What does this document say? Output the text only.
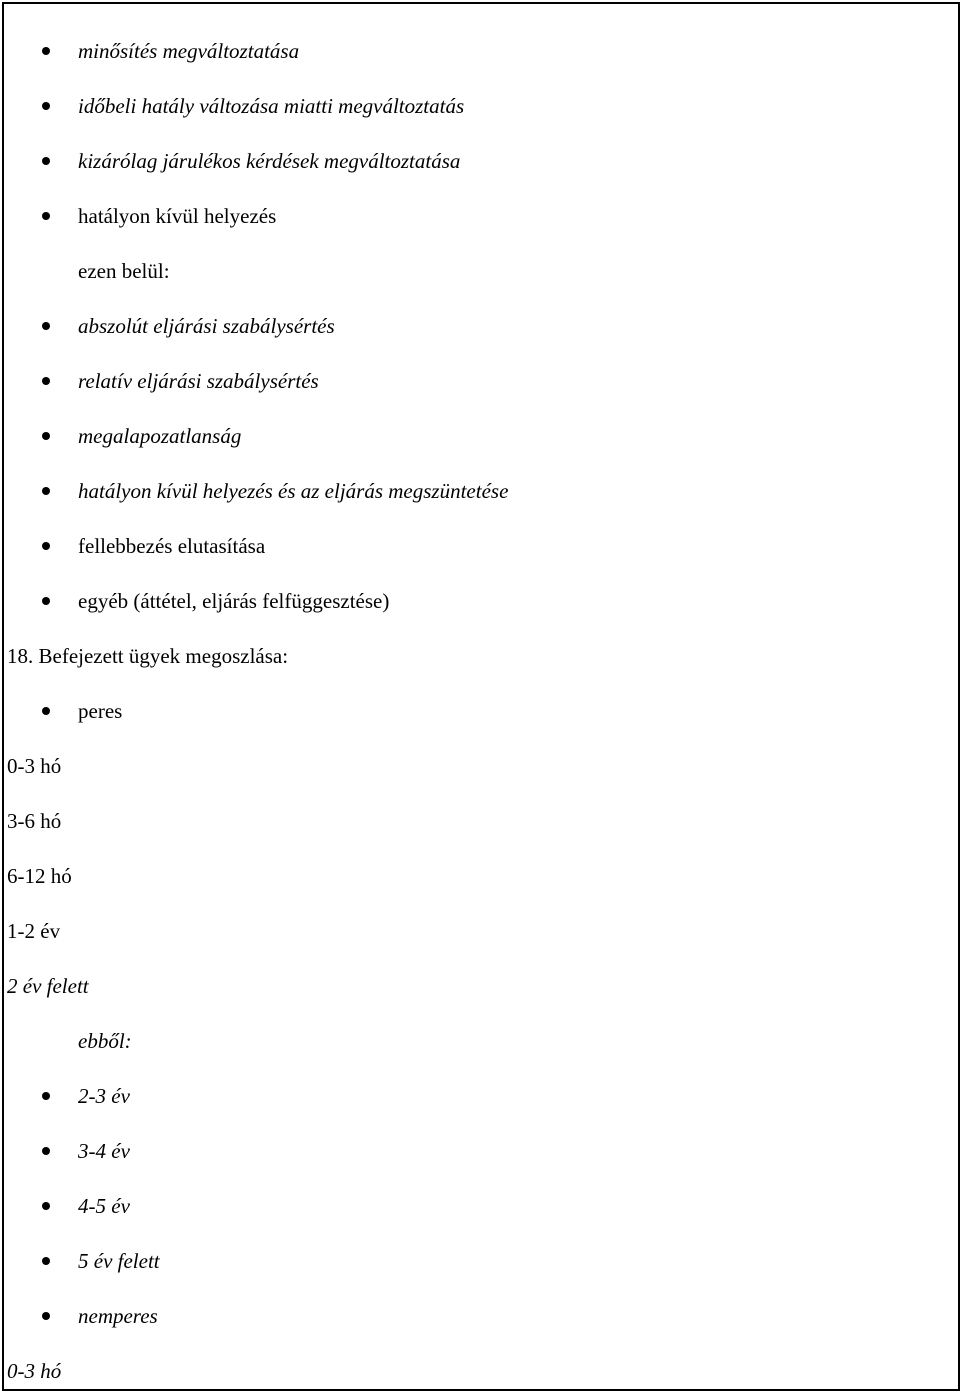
minősítés megváltoztatása
időbeli hatály változása miatti megváltoztatás
kizárólag járulékos kérdések megváltoztatása
hatályon kívül helyezés
ezen belül:
abszolút eljárási szabálysértés
relatív eljárási szabálysértés
megalapozatlanság
hatályon kívül helyezés és az eljárás megszüntetése
fellebbezés elutasítása
egyéb (áttétel, eljárás felfüggesztése)
18. Befejezett ügyek megoszlása:
peres
0-3 hó
3-6 hó
6-12 hó
1-2 év
2 év felett
ebből:
2-3 év
3-4 év
4-5 év
5 év felett
nemperes
0-3 hó
